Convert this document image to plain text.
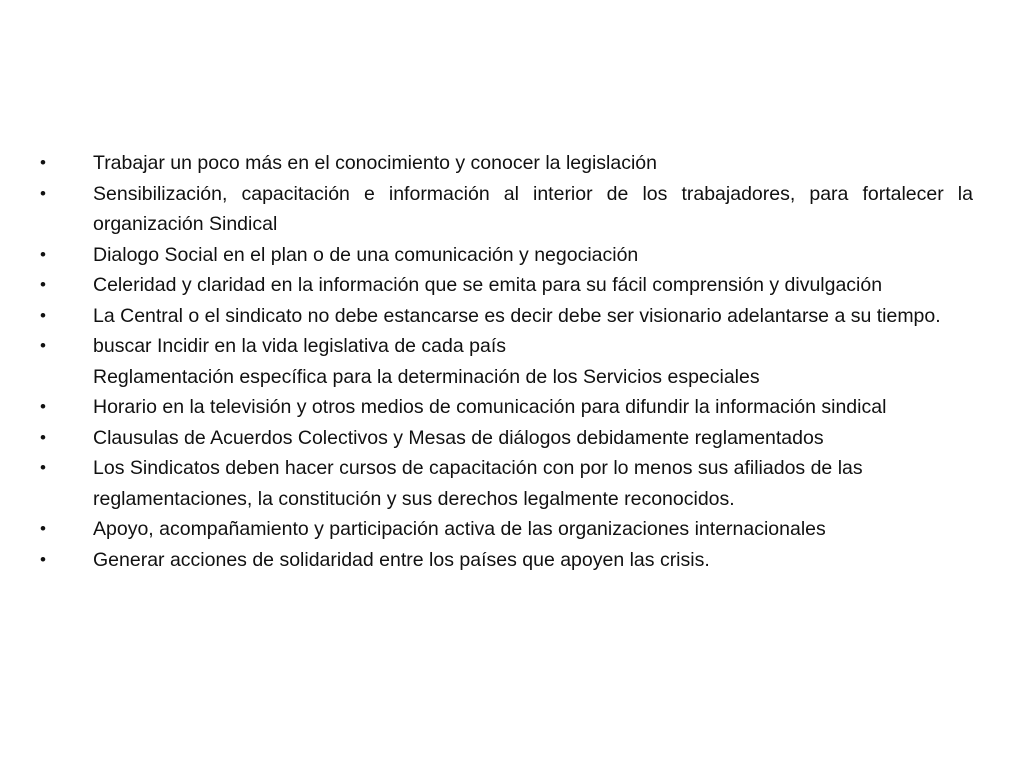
•	Trabajar un poco más en el conocimiento y conocer la legislación
•	Sensibilización, capacitación e información al interior de los trabajadores, para fortalecer la organización Sindical
•	Dialogo Social en el plan o de una comunicación y negociación
•	Celeridad y claridad en la información que se emita para su fácil comprensión y divulgación
•	La Central o el sindicato no debe estancarse es decir debe ser visionario adelantarse a su tiempo.
•	buscar Incidir en la vida legislativa de cada país
Reglamentación específica para la determinación de los Servicios especiales
•	Horario en la televisión y otros medios de comunicación para difundir la información sindical
•	Clausulas de Acuerdos Colectivos y Mesas de diálogos debidamente reglamentados
•	Los Sindicatos deben hacer cursos de capacitación con por lo menos sus afiliados de las reglamentaciones, la constitución y sus derechos legalmente reconocidos.
•	Apoyo, acompañamiento y participación activa de las organizaciones internacionales
•	Generar acciones de solidaridad entre los países que apoyen las crisis.
